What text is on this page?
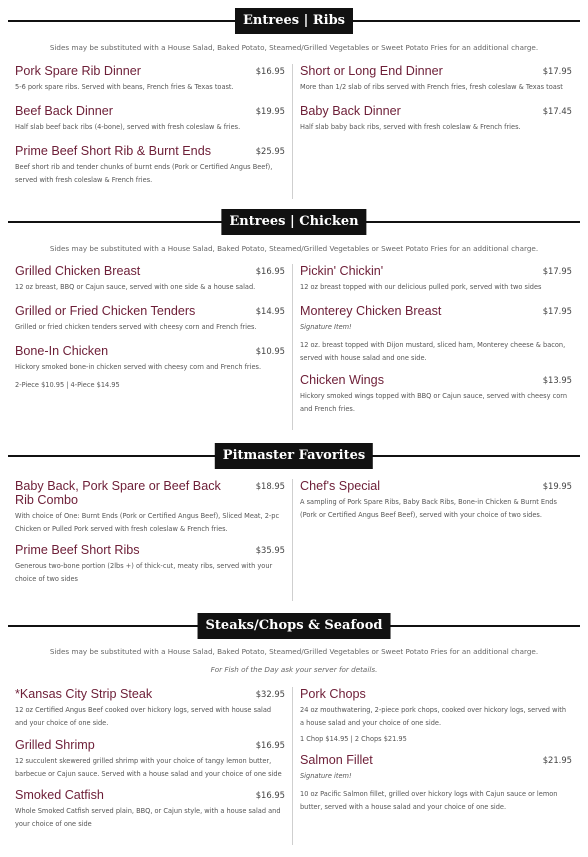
Entrees | Ribs
Sides may be substituted with a House Salad, Baked Potato, Steamed/Grilled Vegetables or Sweet Potato Fries for an additional charge.
Pork Spare Rib Dinner	$16.95
5-6 pork spare ribs. Served with beans, French fries & Texas toast.
Beef Back Dinner	$19.95
Half slab beef back ribs (4-bone), served with fresh coleslaw & fries.
Prime Beef Short Rib & Burnt Ends	$25.95
Beef short rib and tender chunks of burnt ends (Pork or Certified Angus Beef), served with fresh coleslaw & French fries.
Short or Long End Dinner	$17.95
More than 1/2 slab of ribs served with French fries, fresh coleslaw & Texas toast
Baby Back Dinner	$17.45
Half slab baby back ribs, served with fresh coleslaw & French fries.
Entrees | Chicken
Sides may be substituted with a House Salad, Baked Potato, Steamed/Grilled Vegetables or Sweet Potato Fries for an additional charge.
Grilled Chicken Breast	$16.95
12 oz breast, BBQ or Cajun sauce, served with one side & a house salad.
Grilled or Fried Chicken Tenders	$14.95
Grilled or fried chicken tenders served with cheesy corn and French fries.
Bone-In Chicken	$10.95
Hickory smoked bone-in chicken served with cheesy corn and French fries.
2-Piece $10.95 | 4-Piece $14.95
Pickin' Chickin'	$17.95
12 oz breast topped with our delicious pulled pork, served with two sides
Monterey Chicken Breast	$17.95
Signature Item!
12 oz. breast topped with Dijon mustard, sliced ham, Monterey cheese & bacon, served with house salad and one side.
Chicken Wings	$13.95
Hickory smoked wings topped with BBQ or Cajun sauce, served with cheesy corn and French fries.
Pitmaster Favorites
Baby Back, Pork Spare or Beef Back Rib Combo
$18.95
With choice of One: Burnt Ends (Pork or Certified Angus Beef), Sliced Meat, 2-pc Chicken or Pulled Pork served with fresh coleslaw & French fries.
Prime Beef Short Ribs	$35.95
Generous two-bone portion (2lbs +) of thick-cut, meaty ribs, served with your choice of two sides
Chef's Special	$19.95
A sampling of Pork Spare Ribs, Baby Back Ribs, Bone-in Chicken & Burnt Ends (Pork or Certified Angus Beef Beef), served with your choice of two sides.
Steaks/Chops & Seafood
Sides may be substituted with a House Salad, Baked Potato, Steamed/Grilled Vegetables or Sweet Potato Fries for an additional charge.
For Fish of the Day ask your server for details.
*Kansas City Strip Steak	$32.95
12 oz Certified Angus Beef cooked over hickory logs, served with house salad and your choice of one side.
Grilled Shrimp	$16.95
12 succulent skewered grilled shrimp with your choice of tangy lemon butter, barbecue or Cajun sauce. Served with a house salad and your choice of one side
Smoked Catfish	$16.95
Whole Smoked Catfish served plain, BBQ, or Cajun style, with a house salad and your choice of one side
Pork Chops
24 oz mouthwatering, 2-piece pork chops, cooked over hickory logs, served with a house salad and your choice of one side.
1 Chop $14.95 | 2 Chops $21.95
Salmon Fillet	$21.95
Signature item!
10 oz Pacific Salmon fillet, grilled over hickory logs with Cajun sauce or lemon butter, served with a house salad and your choice of one side.
